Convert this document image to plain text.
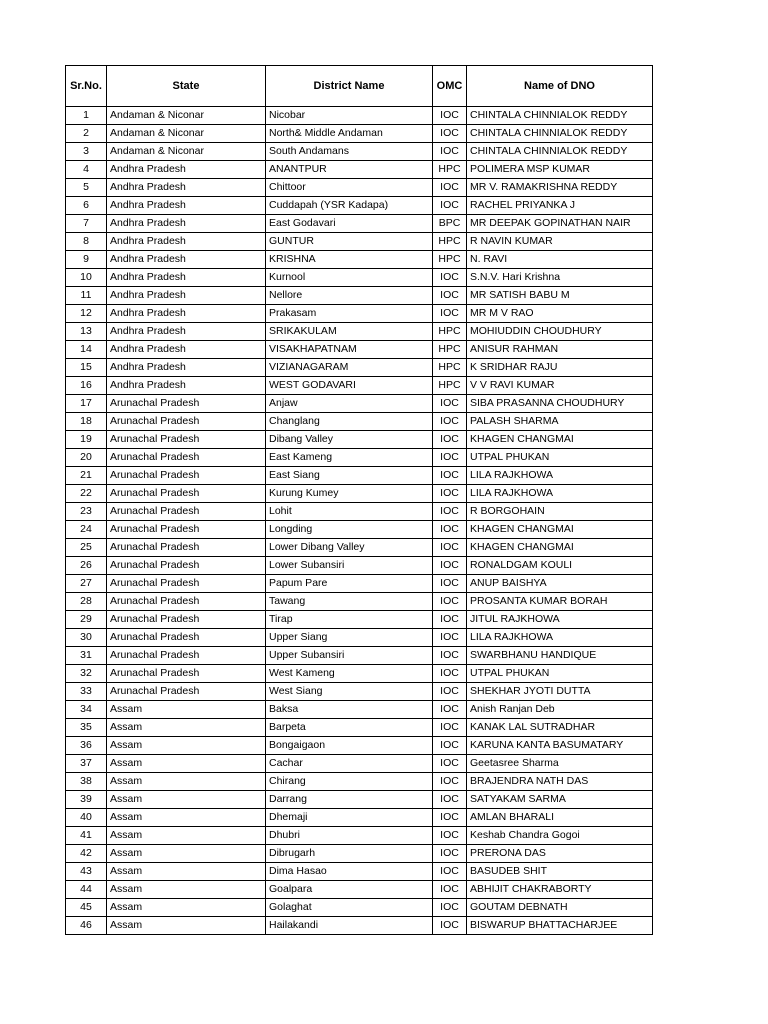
Sr.No.	State	District Name	OMC	Name of DNO
1	Andaman & Niconar	Nicobar	IOC	CHINTALA CHINNIALOK REDDY
2	Andaman & Niconar	North& Middle Andaman	IOC	CHINTALA CHINNIALOK REDDY
3	Andaman & Niconar	South Andamans	IOC	CHINTALA CHINNIALOK REDDY
4	Andhra Pradesh	ANANTPUR	HPC	POLIMERA MSP KUMAR
5	Andhra Pradesh	Chittoor	IOC	MR V. RAMAKRISHNA REDDY
6	Andhra Pradesh	Cuddapah (YSR Kadapa)	IOC	RACHEL PRIYANKA J
7	Andhra Pradesh	East Godavari	BPC	MR DEEPAK GOPINATHAN NAIR
8	Andhra Pradesh	GUNTUR	HPC	R NAVIN KUMAR
9	Andhra Pradesh	KRISHNA	HPC	N. RAVI
10	Andhra Pradesh	Kurnool	IOC	S.N.V. Hari Krishna
11	Andhra Pradesh	Nellore	IOC	MR SATISH BABU M
12	Andhra Pradesh	Prakasam	IOC	MR M V RAO
13	Andhra Pradesh	SRIKAKULAM	HPC	MOHIUDDIN CHOUDHURY
14	Andhra Pradesh	VISAKHAPATNAM	HPC	ANISUR RAHMAN
15	Andhra Pradesh	VIZIANAGARAM	HPC	K SRIDHAR RAJU
16	Andhra Pradesh	WEST GODAVARI	HPC	V V RAVI KUMAR
17	Arunachal Pradesh	Anjaw	IOC	SIBA PRASANNA CHOUDHURY
18	Arunachal Pradesh	Changlang	IOC	PALASH SHARMA
19	Arunachal Pradesh	Dibang Valley	IOC	KHAGEN CHANGMAI
20	Arunachal Pradesh	East Kameng	IOC	UTPAL PHUKAN
21	Arunachal Pradesh	East Siang	IOC	LILA RAJKHOWA
22	Arunachal Pradesh	Kurung Kumey	IOC	LILA RAJKHOWA
23	Arunachal Pradesh	Lohit	IOC	R BORGOHAIN
24	Arunachal Pradesh	Longding	IOC	KHAGEN CHANGMAI
25	Arunachal Pradesh	Lower Dibang Valley	IOC	KHAGEN CHANGMAI
26	Arunachal Pradesh	Lower Subansiri	IOC	RONALDGAM KOULI
27	Arunachal Pradesh	Papum Pare	IOC	ANUP BAISHYA
28	Arunachal Pradesh	Tawang	IOC	PROSANTA KUMAR BORAH
29	Arunachal Pradesh	Tirap	IOC	JITUL RAJKHOWA
30	Arunachal Pradesh	Upper Siang	IOC	LILA RAJKHOWA
31	Arunachal Pradesh	Upper Subansiri	IOC	SWARBHANU HANDIQUE
32	Arunachal Pradesh	West Kameng	IOC	UTPAL PHUKAN
33	Arunachal Pradesh	West Siang	IOC	SHEKHAR JYOTI DUTTA
34	Assam	Baksa	IOC	Anish Ranjan Deb
35	Assam	Barpeta	IOC	KANAK LAL SUTRADHAR
36	Assam	Bongaigaon	IOC	KARUNA KANTA BASUMATARY
37	Assam	Cachar	IOC	Geetasree Sharma
38	Assam	Chirang	IOC	BRAJENDRA NATH DAS
39	Assam	Darrang	IOC	SATYAKAM SARMA
40	Assam	Dhemaji	IOC	AMLAN BHARALI
41	Assam	Dhubri	IOC	Keshab Chandra Gogoi
42	Assam	Dibrugarh	IOC	PRERONA DAS
43	Assam	Dima Hasao	IOC	BASUDEB SHIT
44	Assam	Goalpara	IOC	ABHIJIT CHAKRABORTY
45	Assam	Golaghat	IOC	GOUTAM DEBNATH
46	Assam	Hailakandi	IOC	BISWARUP BHATTACHARJEE
